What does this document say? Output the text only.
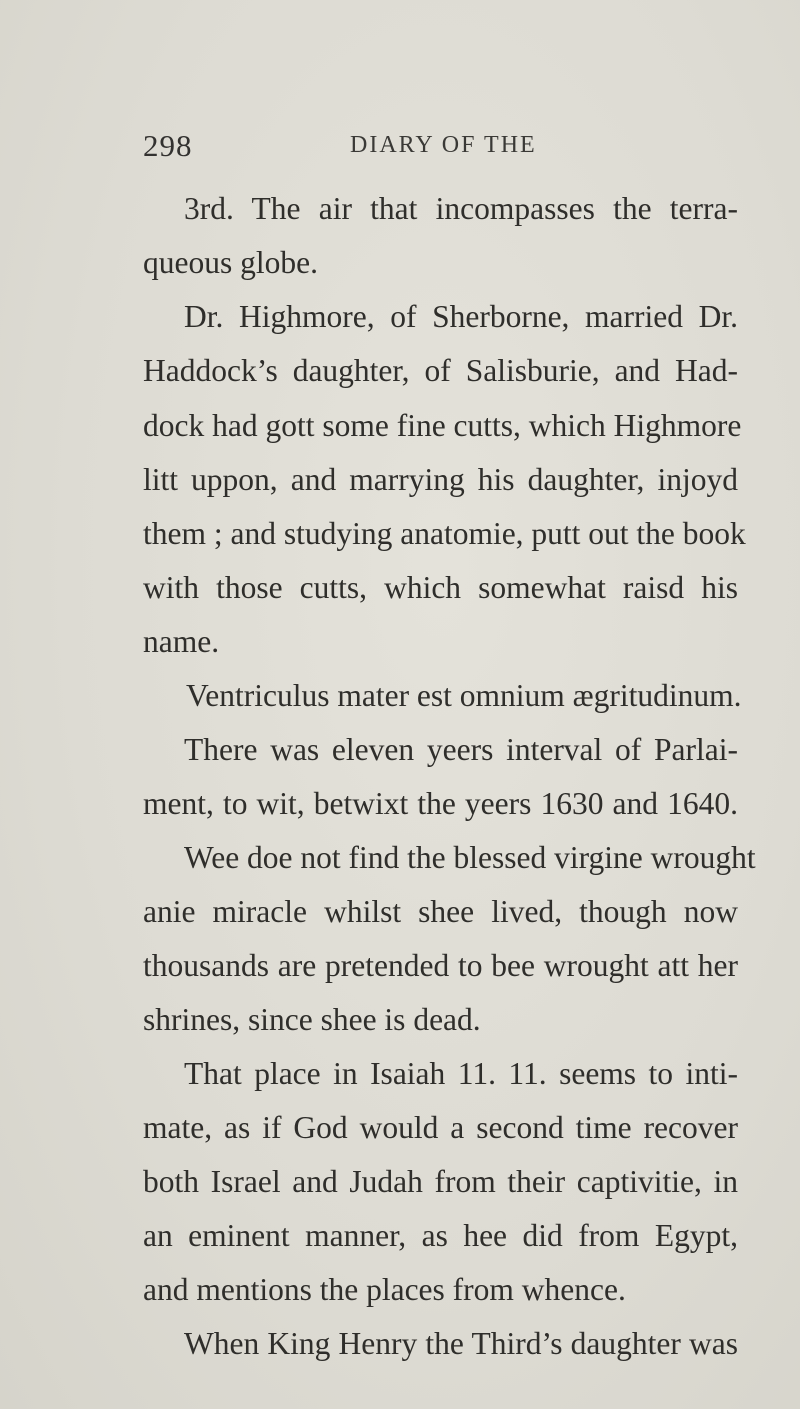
298	DIARY OF THE
3rd. The air that incompasses the terra-
queous globe.
Dr. Highmore, of Sherborne, married Dr.
Haddock’s daughter, of Salisburie, and Had-
dock had gott some fine cutts, which Highmore
litt uppon, and marrying his daughter, injoyd
them ; and studying anatomie, putt out the book
with those cutts, which somewhat raisd his
name.
Ventriculus mater est omnium ægritudinum.
There was eleven yeers interval of Parlai-
ment, to wit, betwixt the yeers 1630 and 1640.
Wee doe not find the blessed virgine wrought
anie miracle whilst shee lived, though now
thousands are pretended to bee wrought att her
shrines, since shee is dead.
That place in Isaiah 11. 11. seems to inti-
mate, as if God would a second time recover
both Israel and Judah from their captivitie, in
an eminent manner, as hee did from Egypt,
and mentions the places from whence.
When King Henry the Third’s daughter was
